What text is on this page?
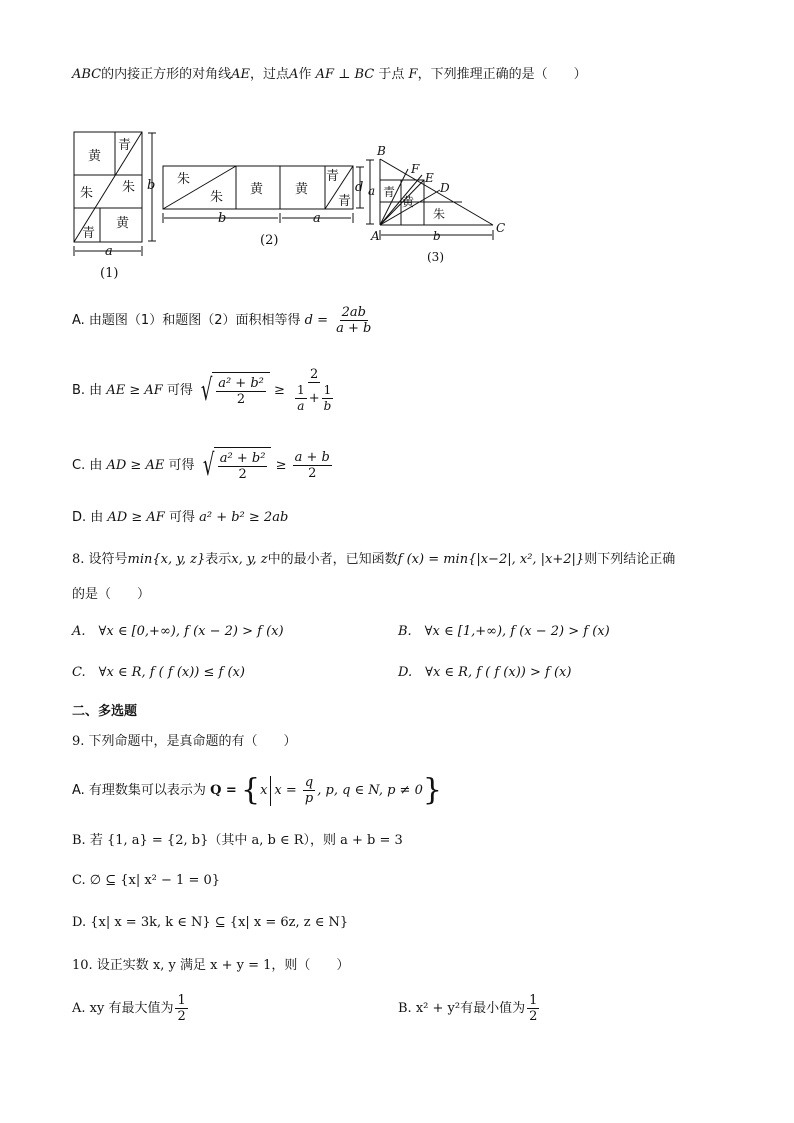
ABC的内接正方形的对角线AE，过点A作 AF ⊥ BC 于点 F，下列推理正确的是（　　）
黄
青
朱 朱
黄
青
b
a
(1)
朱
朱
黄 黄
青
青
d
b	a
(2)
B
F
E
D
A
C
a
b
青
黄
朱
(3)
A. 由题图（1）和题图（2）面积相等得 $d = \frac{2ab}{a + b}$
B. 由 AE ≥ AF 可得 √ $\frac{\text{a² + b²}}{2} \ge \frac{2}{\frac{1}{a} + \frac{1}{b}}$
C. 由 AD ≥ AE 可得 √ $\frac{\text{a² + b²}}{2} \ge \frac{a + b}{2}$
D. 由 AD ≥ AF 可得 a² + b² ≥ 2ab
8. 设符号min{x, y, z}表示x, y, z中的最小者，已知函数f (x) = min{|x−2|, x², |x+2|}则下列结论正确
的是（　　）
A.　∀x ∈ [0,+∞), f (x − 2) > f (x)	B.　∀x ∈ [1,+∞), f (x − 2) > f (x)
C.　∀x ∈ R, f ( f (x)) ≤ f (x)	D.　∀x ∈ R, f ( f (x)) > f (x)
二、多选题
9. 下列命题中，是真命题的有（　　）
A. 有理数集可以表示为 Q = {x $x = \frac{q}{p}$ , p, q ∈ N, p ≠ 0}
B. 若 {1, a} = {2, b}（其中 a, b ∈ R），则 a + b = 3
C. ∅ ⊆ {x| x² − 1 = 0}
D. {x| x = 3k, k ∈ N} ⊆ {x| x = 6z, z ∈ N}
10. 设正实数 x, y 满足 x + y = 1，则（　　）
A. xy 有最大值为 $\frac{1}{2}$	B. x² + y²有最小值为 $\frac{1}{2}$
